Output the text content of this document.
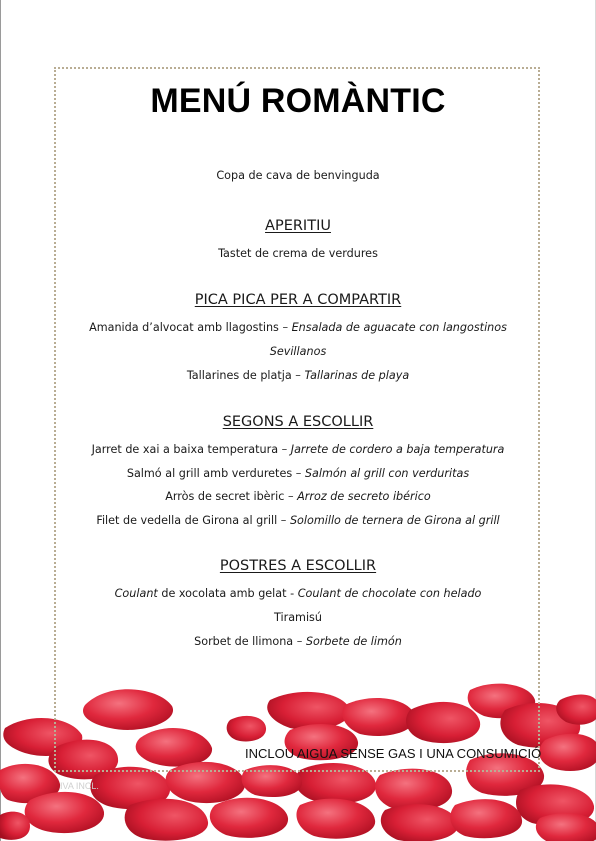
MENÚ ROMÀNTIC
Copa de cava de benvinguda
APERITIU
Tastet de crema de verdures
PICA PICA PER A COMPARTIR
Amanida d’alvocat amb llagostins – Ensalada de aguacate con langostinos
Sevillanos
Tallarines de platja – Tallarinas de playa
SEGONS A ESCOLLIR
Jarret de xai a baixa temperatura – Jarrete de cordero a baja temperatura
Salmó al grill amb verduretes – Salmón al grill con verduritas
Arròs de secret ibèric – Arroz de secreto ibérico
Filet de vedella de Girona al grill – Solomillo de ternera de Girona al grill
POSTRES A ESCOLLIR
Coulant de xocolata amb gelat - Coulant de chocolate con helado
Tiramisú
Sorbet de llimona – Sorbete de limón
INCLOU AIGUA SENSE GAS I UNA CONSUMICIÓ
IVA INCL.
